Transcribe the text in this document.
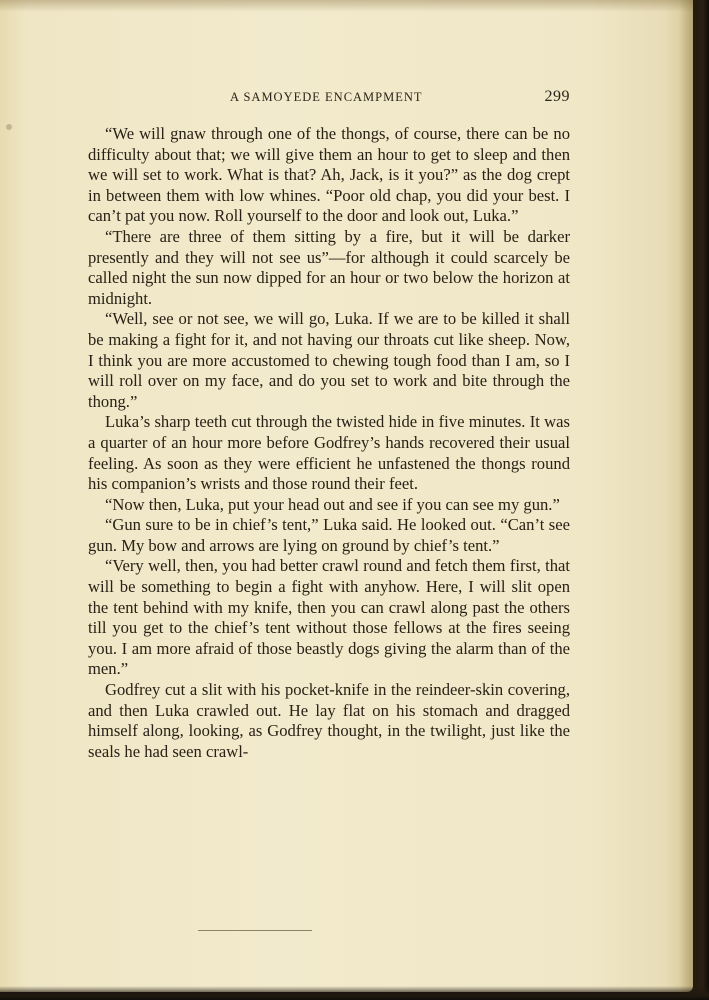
A SAMOYEDE ENCAMPMENT	299

“We will gnaw through one of the thongs, of course, there can be no difficulty about that; we will give them an hour to get to sleep and then we will set to work. What is that? Ah, Jack, is it you?” as the dog crept in between them with low whines. “Poor old chap, you did your best. I can’t pat you now. Roll yourself to the door and look out, Luka.”

“There are three of them sitting by a fire, but it will be darker presently and they will not see us”—for although it could scarcely be called night the sun now dipped for an hour or two below the horizon at midnight.

“Well, see or not see, we will go, Luka. If we are to be killed it shall be making a fight for it, and not having our throats cut like sheep. Now, I think you are more accustomed to chewing tough food than I am, so I will roll over on my face, and do you set to work and bite through the thong.”

Luka’s sharp teeth cut through the twisted hide in five minutes. It was a quarter of an hour more before Godfrey’s hands recovered their usual feeling. As soon as they were efficient he unfastened the thongs round his companion’s wrists and those round their feet.

“Now then, Luka, put your head out and see if you can see my gun.”

“Gun sure to be in chief’s tent,” Luka said. He looked out. “Can’t see gun. My bow and arrows are lying on ground by chief’s tent.”

“Very well, then, you had better crawl round and fetch them first, that will be something to begin a fight with anyhow. Here, I will slit open the tent behind with my knife, then you can crawl along past the others till you get to the chief’s tent without those fellows at the fires seeing you. I am more afraid of those beastly dogs giving the alarm than of the men.”

Godfrey cut a slit with his pocket-knife in the reindeer-skin covering, and then Luka crawled out. He lay flat on his stomach and dragged himself along, looking, as Godfrey thought, in the twilight, just like the seals he had seen crawl-
